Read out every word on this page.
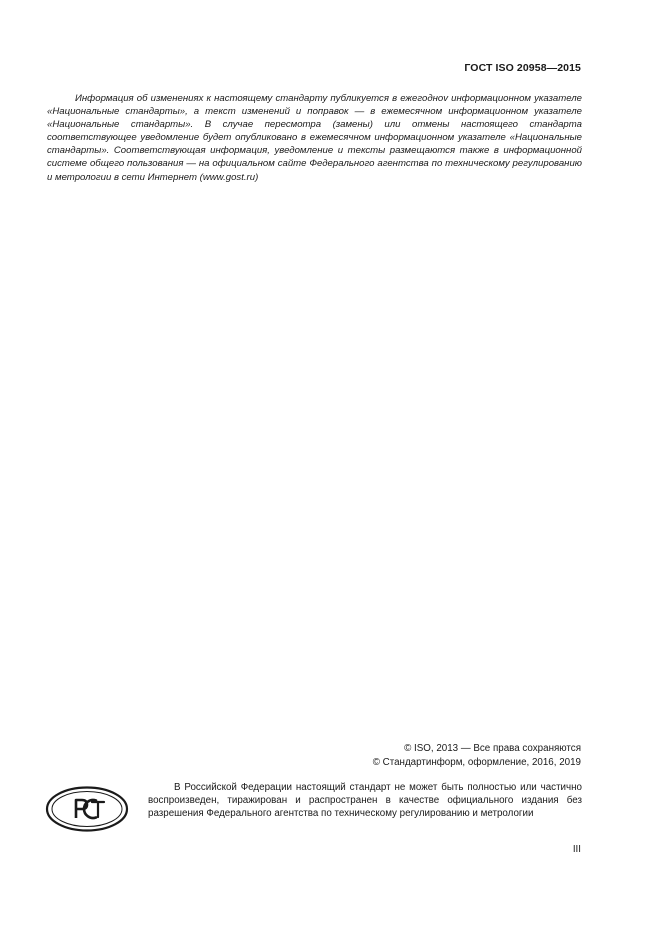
ГОСТ ISO 20958—2015

Информация об изменениях к настоящему стандарту публикуется в ежегодноv информационном указателе «Национальные стандарты», а текст изменений и поправок — в ежемесячном информационном указателе «Национальные стандарты». В случае пересмотра (замены) или отмены настоящего стандарта соответствующее уведомление будет опубликовано в ежемесячном информационном указателе «Национальные стандарты». Соответствующая информация, уведомление и тексты размещаются также в информационной системе общего пользования — на официальном сайте Федерального агентства по техническому регулированию и метрологии в сети Интернет (www.gost.ru)

© ISO, 2013 — Все права сохраняются
© Стандартинформ, оформление, 2016, 2019

В Российской Федерации настоящий стандарт не может быть полностью или частично воспроизведен, тиражирован и распространен в качестве официального издания без разрешения Федерального агентства по техническому регулированию и метрологии

III
